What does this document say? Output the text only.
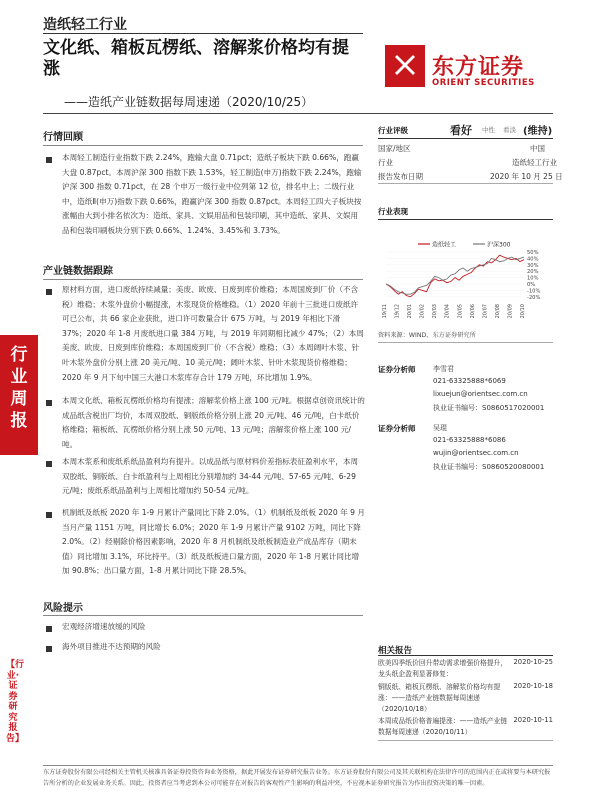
造纸轻工行业
文化纸、箱板瓦楞纸、溶解浆价格均有提涨
——造纸产业链数据每周速递（2020/10/25）
东方证券
ORIENT SECURITIES
行业周报
【行业·证券研究报告】
行情回顾
本周轻工制造行业指数下跌 2.24%，跑输大盘 0.71pct；造纸子板块下跌 0.66%，跑赢大盘 0.87pct。本周沪深 300 指数下跌 1.53%，轻工制造(申万)指数下跌 2.24%，跑输沪深 300 指数 0.71pct，在 28 个申万一级行业中位列第 12 位，排名中上；二级行业中，造纸Ⅱ(申万)指数下跌 0.66%，跑赢沪深 300 指数 0.87pct。本周轻工四大子板块按涨幅由大到小排名依次为：造纸、家具、文娱用品和包装印刷，其中造纸、家具、文娱用品和包装印刷板块分别下跌 0.66%、1.24%、3.45%和 3.73%。
产业链数据跟踪
原材料方面，进口废纸持续减量；美废、欧废、日废到库价维稳；本周国废到厂价（不含税）维稳；木浆外盘价小幅提涨，木浆现货价格维稳。（1）2020 年前十三批进口废纸许可已公布，共 66 家企业获批，进口许可数量合计 675 万吨，与 2019 年相比下滑 37%；2020 年 1-8 月废纸进口量 384 万吨，与 2019 年同期相比减少 47%；（2）本周美废、欧废、日废到库价维稳；本周国废到厂价（不含税）维稳；（3）本周阔叶木浆、针叶木浆外盘价分别上涨 20 美元/吨、10 美元/吨；阔叶木浆、针叶木浆现货价格维稳；2020 年 9 月下旬中国三大港口木浆库存合计 179 万吨，环比增加 1.9%。
本周文化纸、箱板瓦楞纸价格均有提涨；溶解浆价格上涨 100 元/吨。根据卓创资讯统计的成品纸含税出厂均价，本周双胶纸、铜版纸价格分别上涨 20 元/吨、46 元/吨，白卡纸价格维稳；箱板纸、瓦楞纸价格分别上涨 50 元/吨、13 元/吨；溶解浆价格上涨 100 元/吨。
本周木浆系和废纸系纸品盈利均有提升。以成品纸与原材料价差指标表征盈利水平，本周双胶纸、铜版纸、白卡纸盈利与上周相比分别增加约 34-44 元/吨、57-65 元/吨、6-29 元/吨；废纸系纸品盈利与上周相比增加约 50-54 元/吨。
机制纸及纸板 2020 年 1-9 月累计产量同比下降 2.0%。（1）机制纸及纸板 2020 年 9 月当月产量 1151 万吨，同比增长 6.0%；2020 年 1-9 月累计产量 9102 万吨，同比下降 2.0%。（2）经剔除价格因素影响，2020 年 8 月机制纸及纸板制造业产成品库存（期末值）同比增加 3.1%，环比持平。（3）纸及纸板进口量方面，2020 年 1-8 月累计同比增加 90.8%；出口量方面，1-8 月累计同比下降 28.5%。
风险提示
宏观经济增速放缓的风险
海外项目推进不达预期的风险
行业评级	看好 中性 看淡 (维持)
国家/地区	中国
行业	造纸轻工行业
报告发布日期	2020 年 10 月 25 日
行业表现
造纸轻工	沪深300
50%
40%
30%
20%
10%
0%
-10%
-20%
19/11 19/12 20/01 20/02 20/03 20/04 20/05 20/06 20/07 20/08 20/09 20/10
资料来源：WIND、东方证券研究所
证券分析师	李雪君
021-63325888*6069
lixuejun@orientsec.com.cn
执业证书编号：S0860517020001
证券分析师	吴琨
021-63325888*6086
wujin@orientsec.com.cn
执业证书编号：S0860520080001
相关报告
欧美四季纸价回升带动需求增强价格提升，龙头纸企盈利显著修复：
2020-10-25
铜版纸、箱板瓦楞纸、溶解浆价格均有提涨：——造纸产业链数据每周速递（2020/10/18）
2020-10-18
本周成品纸价格普遍提涨：——造纸产业链数据每周速递（2020/10/11）
2020-10-11
东方证券股份有限公司经相关主管机关核准具备证券投资咨询业务资格，据此开展发布证券研究报告业务。东方证券股份有限公司及其关联机构在法律许可的范围内正在或将要与本研究报告所分析的企业发展业务关系。因此，投资者应当考虑到本公司可能存在对报告的客观性产生影响的利益冲突，不应视本证券研究报告为作出投资决策的唯一因素。
